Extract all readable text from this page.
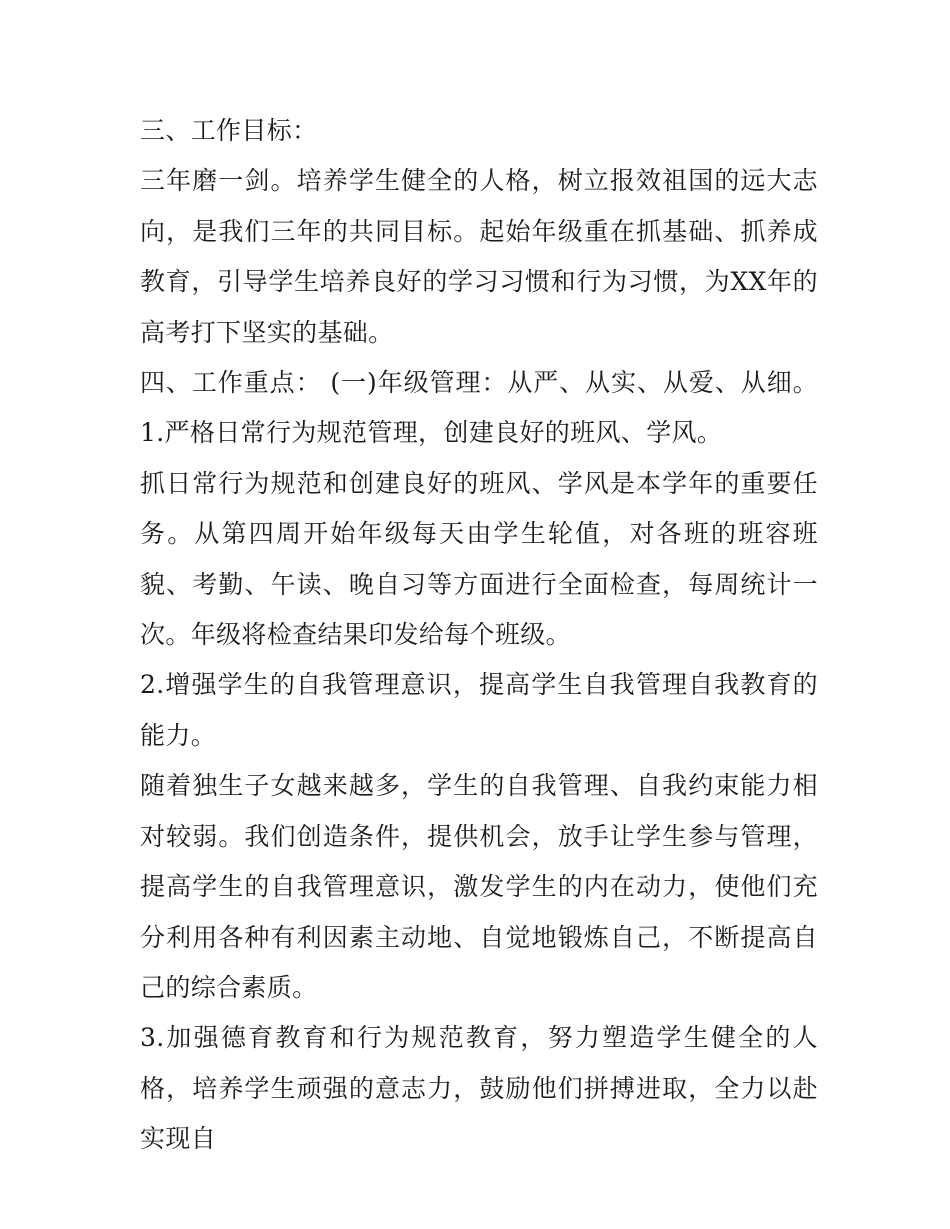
三、工作目标：

三年磨一剑。培养学生健全的人格，树立报效祖国的远大志向，是我们三年的共同目标。起始年级重在抓基础、抓养成教育，引导学生培养良好的学习习惯和行为习惯，为XX年的高考打下坚实的基础。

四、工作重点： (一)年级管理：从严、从实、从爱、从细。 1.严格日常行为规范管理，创建良好的班风、学风。

抓日常行为规范和创建良好的班风、学风是本学年的重要任务。从第四周开始年级每天由学生轮值，对各班的班容班貌、考勤、午读、晚自习等方面进行全面检查，每周统计一次。年级将检查结果印发给每个班级。

2.增强学生的自我管理意识，提高学生自我管理自我教育的能力。

随着独生子女越来越多，学生的自我管理、自我约束能力相对较弱。我们创造条件，提供机会，放手让学生参与管理，提高学生的自我管理意识，激发学生的内在动力，使他们充分利用各种有利因素主动地、自觉地锻炼自己，不断提高自己的综合素质。

3.加强德育教育和行为规范教育，努力塑造学生健全的人格，培养学生顽强的意志力，鼓励他们拼搏进取，全力以赴实现自
